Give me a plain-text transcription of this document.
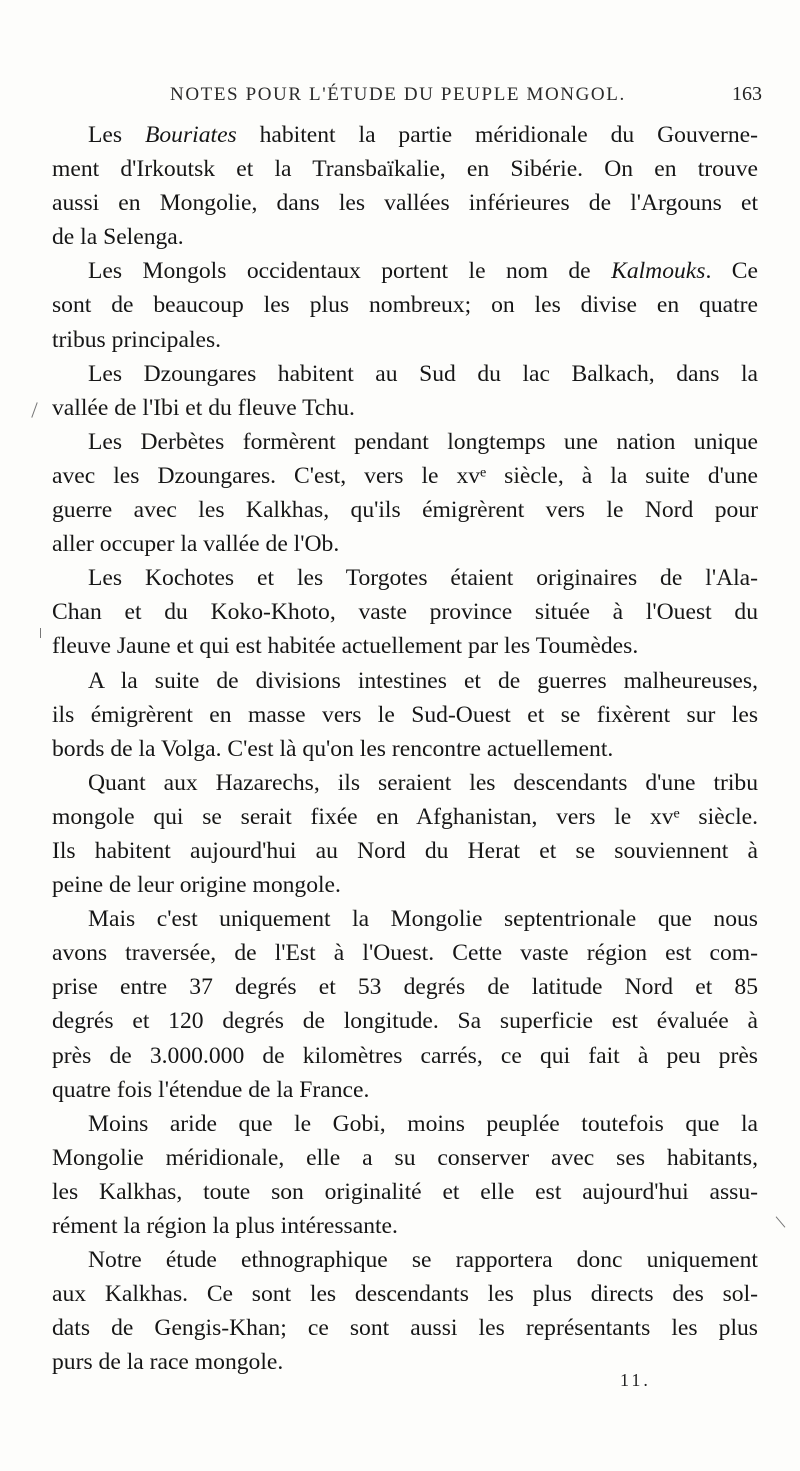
NOTES POUR L'ÉTUDE DU PEUPLE MONGOL.	163
Les Bouriates habitent la partie méridionale du Gouverne-
ment d'Irkoutsk et la Transbaïkalie, en Sibérie. On en trouve
aussi en Mongolie, dans les vallées inférieures de l'Argouns et
de la Selenga.
Les Mongols occidentaux portent le nom de Kalmouks. Ce
sont de beaucoup les plus nombreux; on les divise en quatre
tribus principales.
Les Dzoungares habitent au Sud du lac Balkach, dans la
vallée de l'Ibi et du fleuve Tchu.
Les Derbètes formèrent pendant longtemps une nation unique
avec les Dzoungares. C'est, vers le xvᵉ siècle, à la suite d'une
guerre avec les Kalkhas, qu'ils émigrèrent vers le Nord pour
aller occuper la vallée de l'Ob.
Les Kochotes et les Torgotes étaient originaires de l'Ala-
Chan et du Koko-Khoto, vaste province située à l'Ouest du
fleuve Jaune et qui est habitée actuellement par les Toumèdes.
A la suite de divisions intestines et de guerres malheureuses,
ils émigrèrent en masse vers le Sud-Ouest et se fixèrent sur les
bords de la Volga. C'est là qu'on les rencontre actuellement.
Quant aux Hazarechs, ils seraient les descendants d'une tribu
mongole qui se serait fixée en Afghanistan, vers le xvᵉ siècle.
Ils habitent aujourd'hui au Nord du Herat et se souviennent à
peine de leur origine mongole.
Mais c'est uniquement la Mongolie septentrionale que nous
avons traversée, de l'Est à l'Ouest. Cette vaste région est com-
prise entre 37 degrés et 53 degrés de latitude Nord et 85
degrés et 120 degrés de longitude. Sa superficie est évaluée à
près de 3.000.000 de kilomètres carrés, ce qui fait à peu près
quatre fois l'étendue de la France.
Moins aride que le Gobi, moins peuplée toutefois que la
Mongolie méridionale, elle a su conserver avec ses habitants,
les Kalkhas, toute son originalité et elle est aujourd'hui assu-
rément la région la plus intéressante.
Notre étude ethnographique se rapportera donc uniquement
aux Kalkhas. Ce sont les descendants les plus directs des sol-
dats de Gengis-Khan; ce sont aussi les représentants les plus
purs de la race mongole.
11.
